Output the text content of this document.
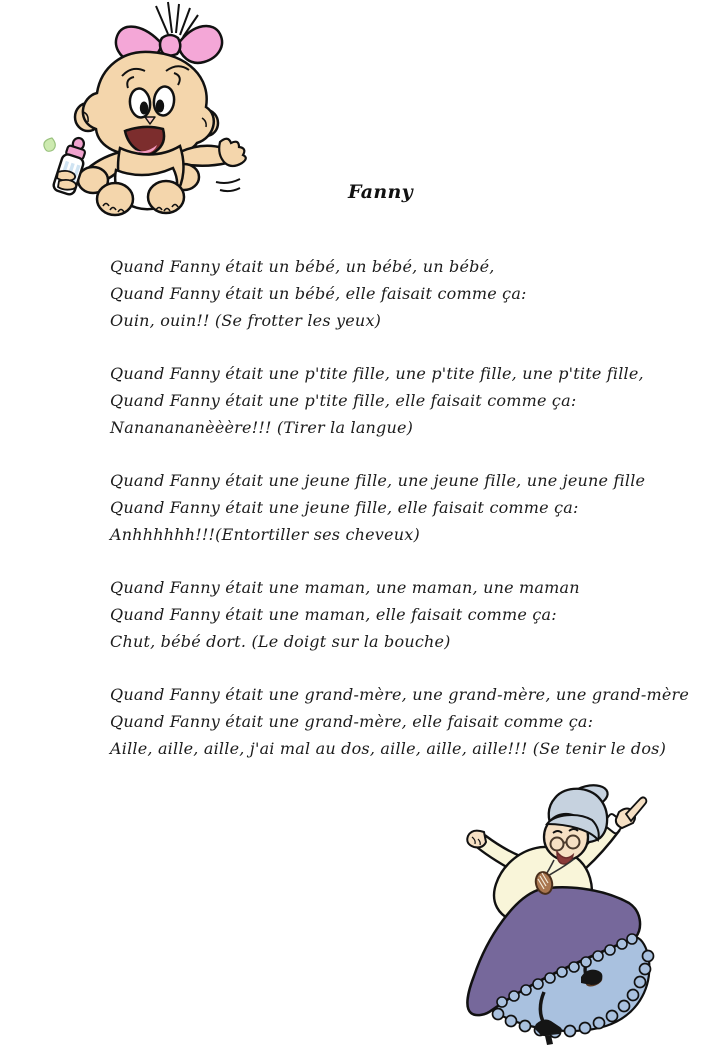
Fanny
Quand Fanny était un bébé, un bébé, un bébé,
Quand Fanny était un bébé, elle faisait comme ça:
Ouin, ouin!! (Se frotter les yeux)
Quand Fanny était une p'tite fille, une p'tite fille, une p'tite fille,
Quand Fanny était une p'tite fille, elle faisait comme ça:
Nananananèèère!!! (Tirer la langue)
Quand Fanny était une jeune fille, une jeune fille, une jeune fille
Quand Fanny était une jeune fille, elle faisait comme ça:
Anhhhhhh!!!(Entortiller ses cheveux)
Quand Fanny était une maman, une maman, une maman
Quand Fanny était une maman, elle faisait comme ça:
Chut, bébé dort. (Le doigt sur la bouche)
Quand Fanny était une grand-mère, une grand-mère, une grand-mère
Quand Fanny était une grand-mère, elle faisait comme ça:
Aille, aille, aille, j'ai mal au dos, aille, aille, aille!!! (Se tenir le dos)
